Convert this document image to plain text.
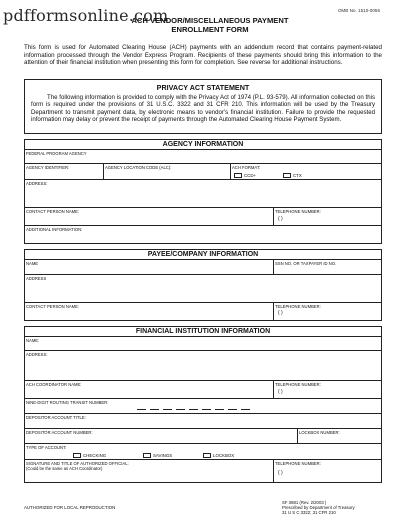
pdfformsonline.com	OMB No. 1510-0056
ACH VENDOR/MISCELLANEOUS PAYMENT
ENROLLMENT FORM
This form is used for Automated Clearing House (ACH) payments with an addendum record that contains payment-related information processed through the Vendor Express Program. Recipients of these payments should bring this information to the attention of their financial institution when presenting this form for completion. See reverse for additional instructions.
PRIVACY ACT STATEMENT
The following information is provided to comply with the Privacy Act of 1974 (P.L. 93-579). All information collected on this form is required under the provisions of 31 U.S.C. 3322 and 31 CFR 210. This information will be used by the Treasury Department to transmit payment data, by electronic means to vendor's financial institution. Failure to provide the requested information may delay or prevent the receipt of payments through the Automated Clearing House Payment System.
AGENCY INFORMATION
FEDERAL PROGRAM AGENCY
AGENCY IDENTIFIER:	AGENCY LOCATION CODE (ALC):	ACH FORMAT:
CCD+	CTX
ADDRESS:
CONTACT PERSON NAME:	TELEPHONE NUMBER:
( )
ADDITIONAL INFORMATION:
PAYEE/COMPANY INFORMATION
NAME	SSN NO. OR TAXPAYER ID NO.
ADDRESS
CONTACT PERSON NAME:	TELEPHONE NUMBER:
( )
FINANCIAL INSTITUTION INFORMATION
NAME:
ADDRESS:
ACH COORDINATOR NAME:	TELEPHONE NUMBER:
( )
NINE-DIGIT ROUTING TRANSIT NUMBER:
DEPOSITOR ACCOUNT TITLE:
DEPOSITOR ACCOUNT NUMBER:	LOCKBOX NUMBER:
TYPE OF ACCOUNT:
CHECKING	SAVINGS	LOCKBOX
SIGNATURE AND TITLE OF AUTHORIZED OFFICIAL:
(Could be the same as ACH Coordinator)
TELEPHONE NUMBER:
( )
AUTHORIZED FOR LOCAL REPRODUCTION
SF 3881 (Rev. 2/2003 )
Prescribed by Department of Treasury
31 U S C 3322; 31 CFR 210
